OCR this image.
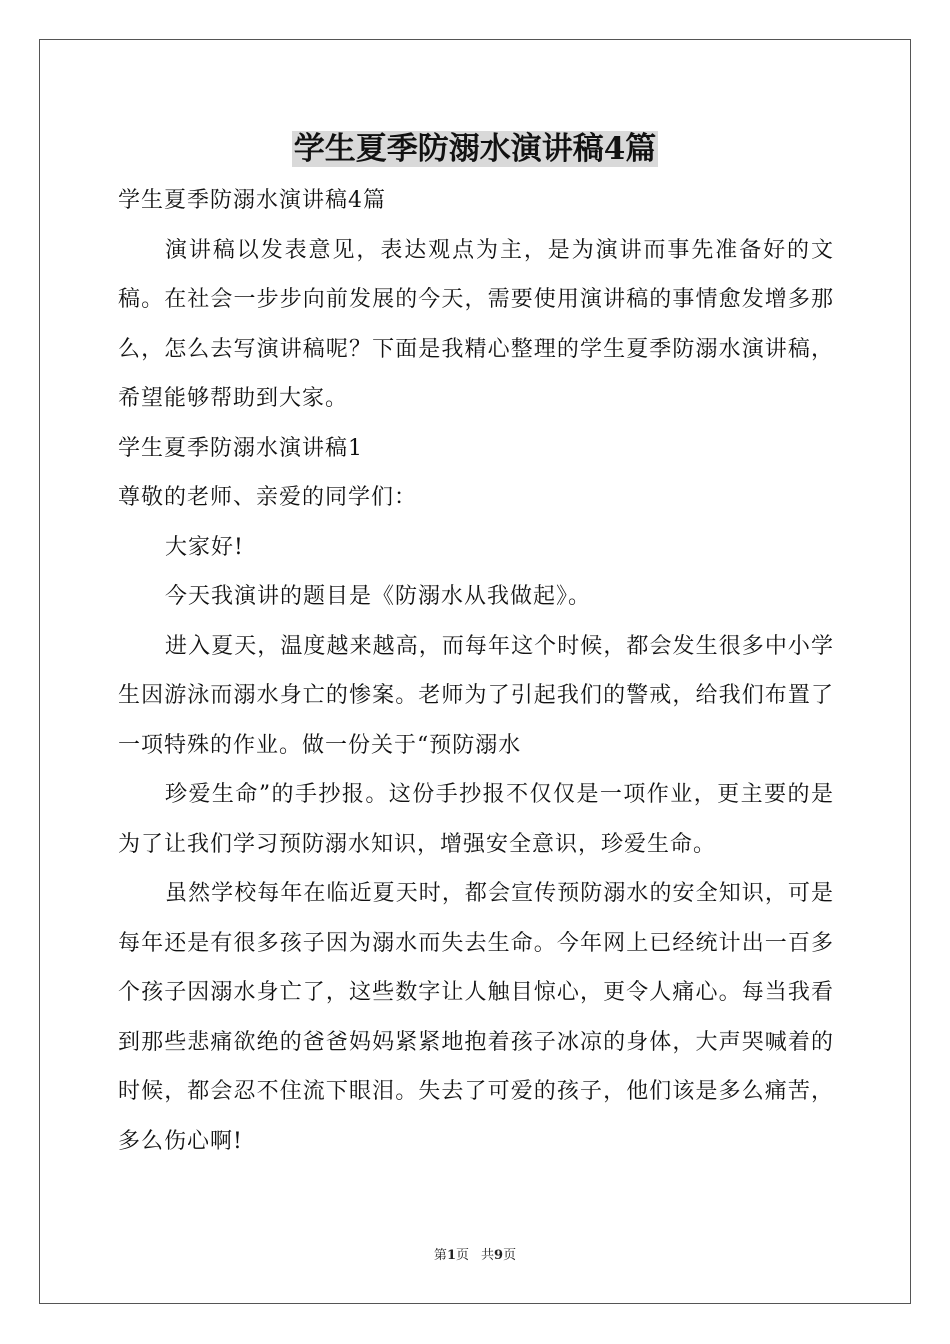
学生夏季防溺水演讲稿4篇

学生夏季防溺水演讲稿4篇

演讲稿以发表意见，表达观点为主，是为演讲而事先准备好的文稿。在社会一步步向前发展的今天，需要使用演讲稿的事情愈发增多那么，怎么去写演讲稿呢？下面是我精心整理的学生夏季防溺水演讲稿，希望能够帮助到大家。

学生夏季防溺水演讲稿1

尊敬的老师、亲爱的同学们：

大家好!

今天我演讲的题目是《防溺水从我做起》。

进入夏天，温度越来越高，而每年这个时候，都会发生很多中小学生因游泳而溺水身亡的惨案。老师为了引起我们的警戒，给我们布置了一项特殊的作业。做一份关于“预防溺水

珍爱生命”的手抄报。这份手抄报不仅仅是一项作业，更主要的是为了让我们学习预防溺水知识，增强安全意识，珍爱生命。

虽然学校每年在临近夏天时，都会宣传预防溺水的安全知识，可是每年还是有很多孩子因为溺水而失去生命。今年网上已经统计出一百多个孩子因溺水身亡了，这些数字让人触目惊心，更令人痛心。每当我看到那些悲痛欲绝的爸爸妈妈紧紧地抱着孩子冰凉的身体，大声哭喊着的时候，都会忍不住流下眼泪。失去了可爱的孩子，他们该是多么痛苦，多么伤心啊!

第1页 共9页
